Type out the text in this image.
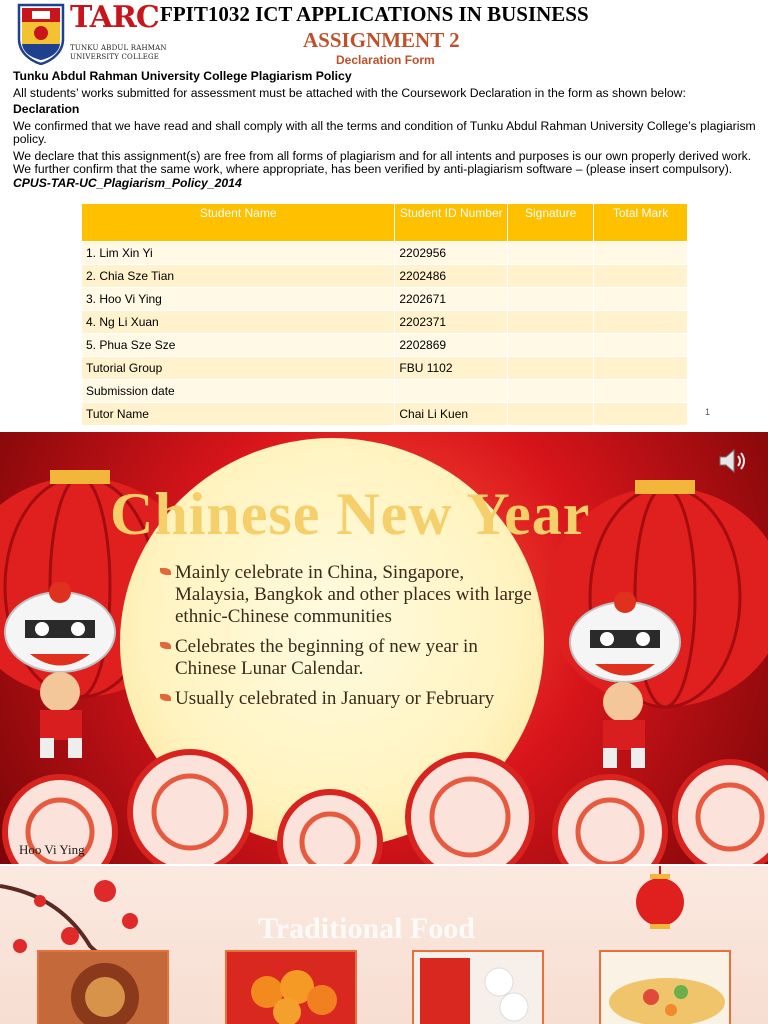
TARC
TUNKU ABDUL RAHMAN
UNIVERSITY COLLEGE
FPIT1032 ICT APPLICATIONS IN BUSINESS
ASSIGNMENT 2
Declaration Form

Tunku Abdul Rahman University College Plagiarism Policy

All students’ works submitted for assessment must be attached with the Coursework Declaration in the form as shown below:

Declaration

We confirmed that we have read and shall comply with all the terms and condition of Tunku Abdul Rahman University College’s plagiarism policy.

We declare that this assignment(s) are free from all forms of plagiarism and for all intents and purposes is our own properly derived work. We further confirm that the same work, where appropriate, has been verified by anti-plagiarism software – (please insert compulsory).

CPUS-TAR-UC_Plagiarism_Policy_2014

Student Name	Student ID Number	Signature	Total Mark
1. Lim Xin Yi	2202956		
2. Chia Sze Tian	2202486		
3. Hoo Vi Ying	2202671		
4. Ng Li Xuan	2202371		
5. Phua Sze Sze	2202869		
Tutorial Group	FBU 1102		
Submission date			
Tutor Name	Chai Li Kuen			1
Chinese New Year
Mainly celebrate in China, Singapore, Malaysia, Bangkok and other places with large ethnic-Chinese communities
Celebrates the beginning of new year in Chinese Lunar Calendar.
Usually celebrated in January or February
Hoo Vi Ying
Traditional Food
